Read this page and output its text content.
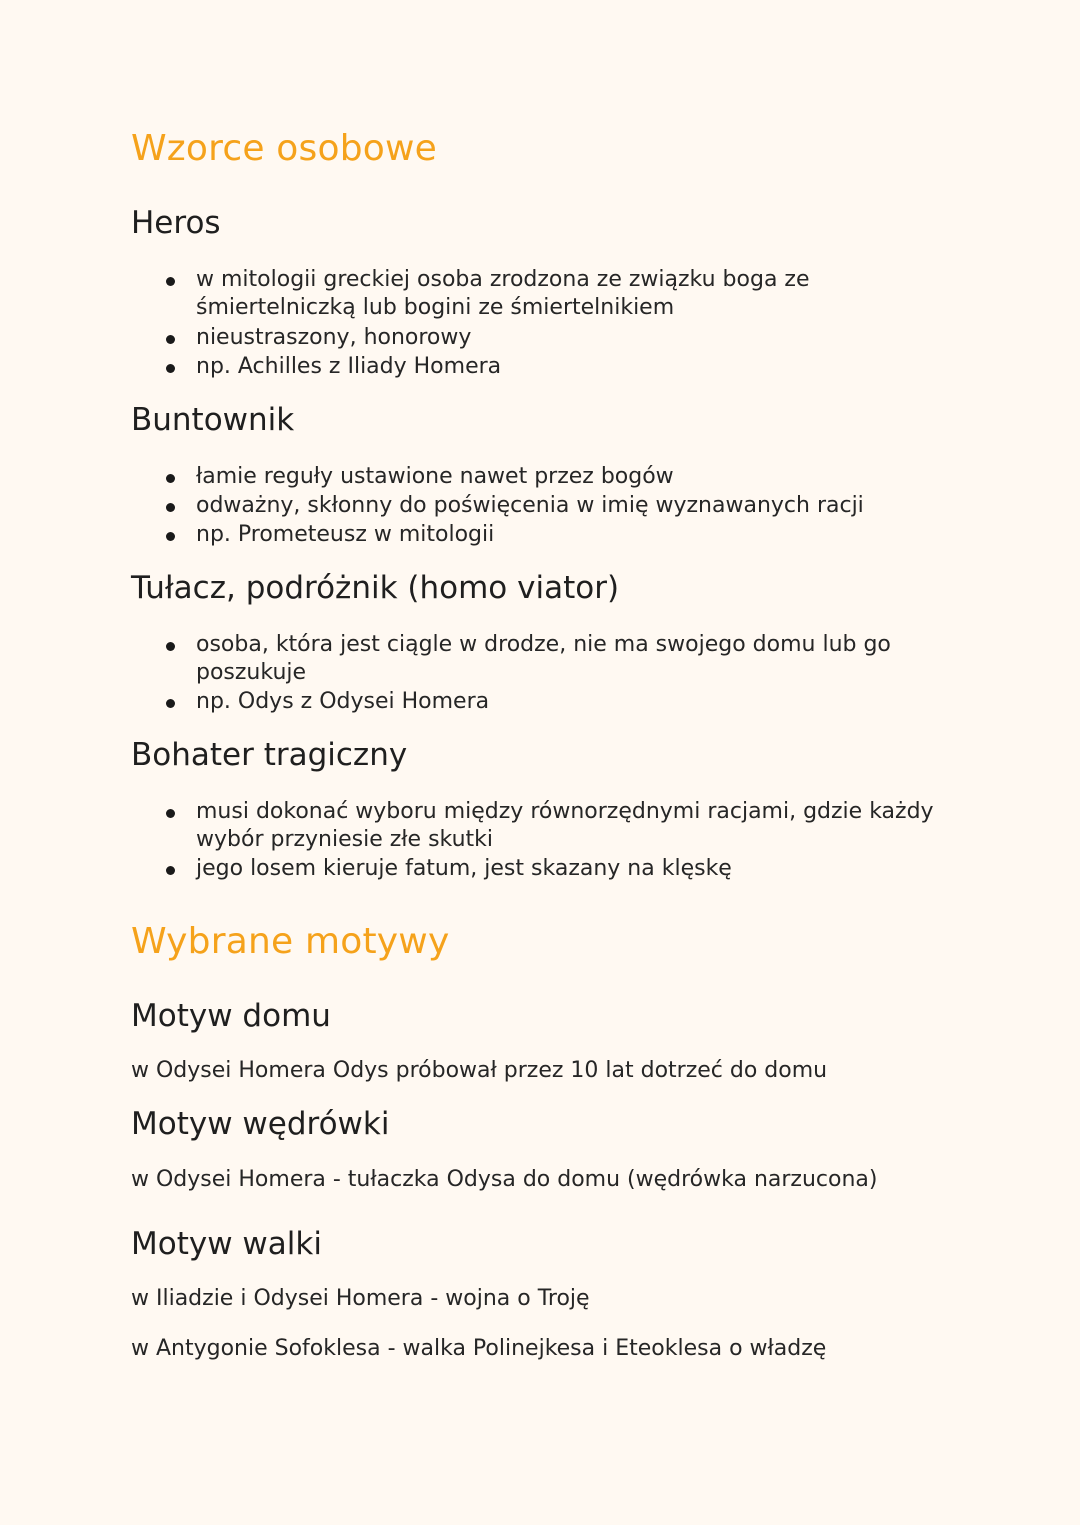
Wzorce osobowe
Heros
w mitologii greckiej osoba zrodzona ze związku boga ze
śmiertelniczką lub bogini ze śmiertelnikiem
nieustraszony, honorowy
np. Achilles z Iliady Homera
Buntownik
łamie reguły ustawione nawet przez bogów
odważny, skłonny do poświęcenia w imię wyznawanych racji
np. Prometeusz w mitologii
Tułacz, podróżnik (homo viator)
osoba, która jest ciągle w drodze, nie ma swojego domu lub go
poszukuje
np. Odys z Odysei Homera
Bohater tragiczny
musi dokonać wyboru między równorzędnymi racjami, gdzie każdy
wybór przyniesie złe skutki
jego losem kieruje fatum, jest skazany na klęskę
Wybrane motywy
Motyw domu

w Odysei Homera Odys próbował przez 10 lat dotrzeć do domu

Motyw wędrówki

w Odysei Homera - tułaczka Odysa do domu (wędrówka narzucona)

Motyw walki

w Iliadzie i Odysei Homera - wojna o Troję

w Antygonie Sofoklesa - walka Polinejkesa i Eteoklesa o władzę
